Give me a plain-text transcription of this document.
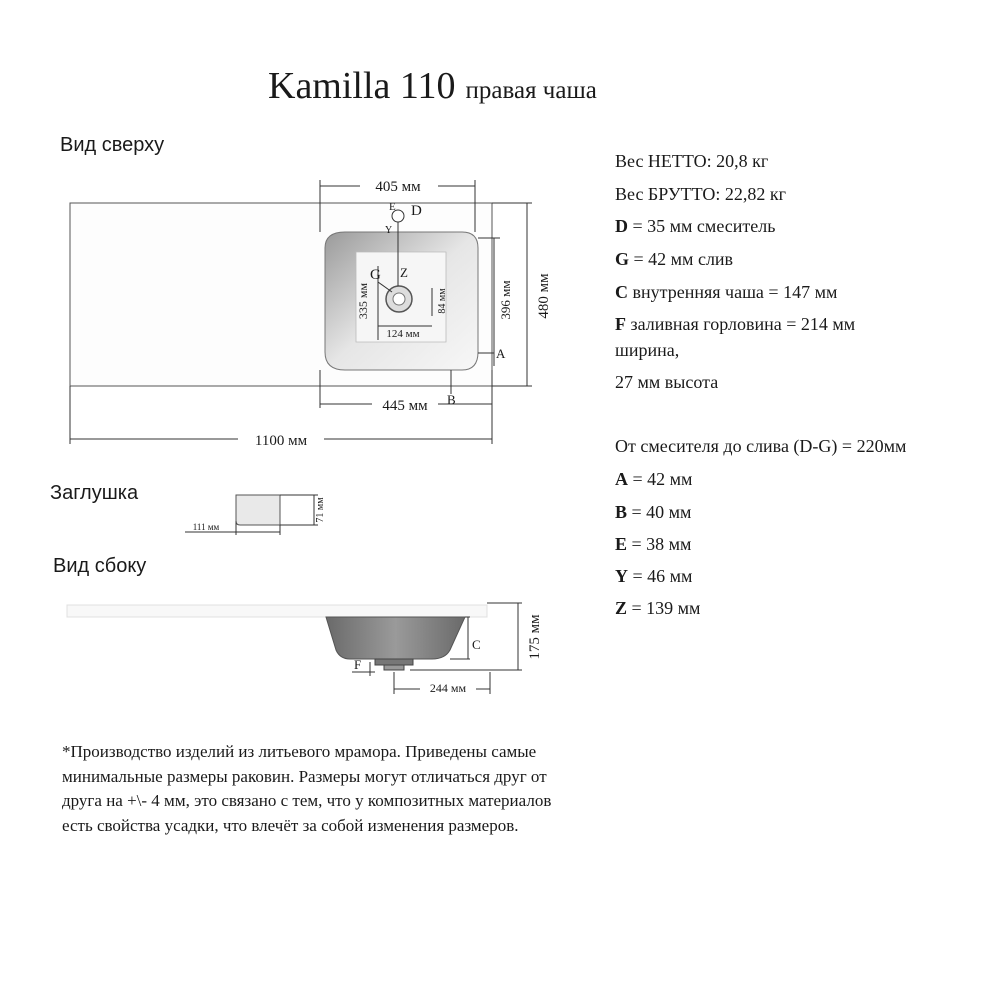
Kamilla 110 правая чаша
Вид сверху
Заглушка
Вид сбоку
405 мм
445 мм
1100 мм
480 мм
396 мм
335 мм	84 мм
124 мм
E D
Y
G Z
A
B
71 мм
111 мм
175 мм
C
F
244 мм
Вес НЕТТО: 20,8 кг
Вес БРУТТО: 22,82 кг
D = 35 мм смеситель
G = 42 мм слив
C внутренняя чаша = 147 мм
F заливная горловина = 214 мм
ширина,
27 мм высота
От смесителя до слива (D-G) = 220мм
A = 42 мм
B = 40 мм
E = 38 мм
Y = 46 мм
Z = 139 мм
*Производство изделий из литьевого мрамора. Приведены самые минимальные размеры раковин. Размеры могут отличаться друг от друга на +\- 4 мм, это связано с тем, что у композитных материалов есть свойства усадки, что влечёт за собой изменения размеров.
